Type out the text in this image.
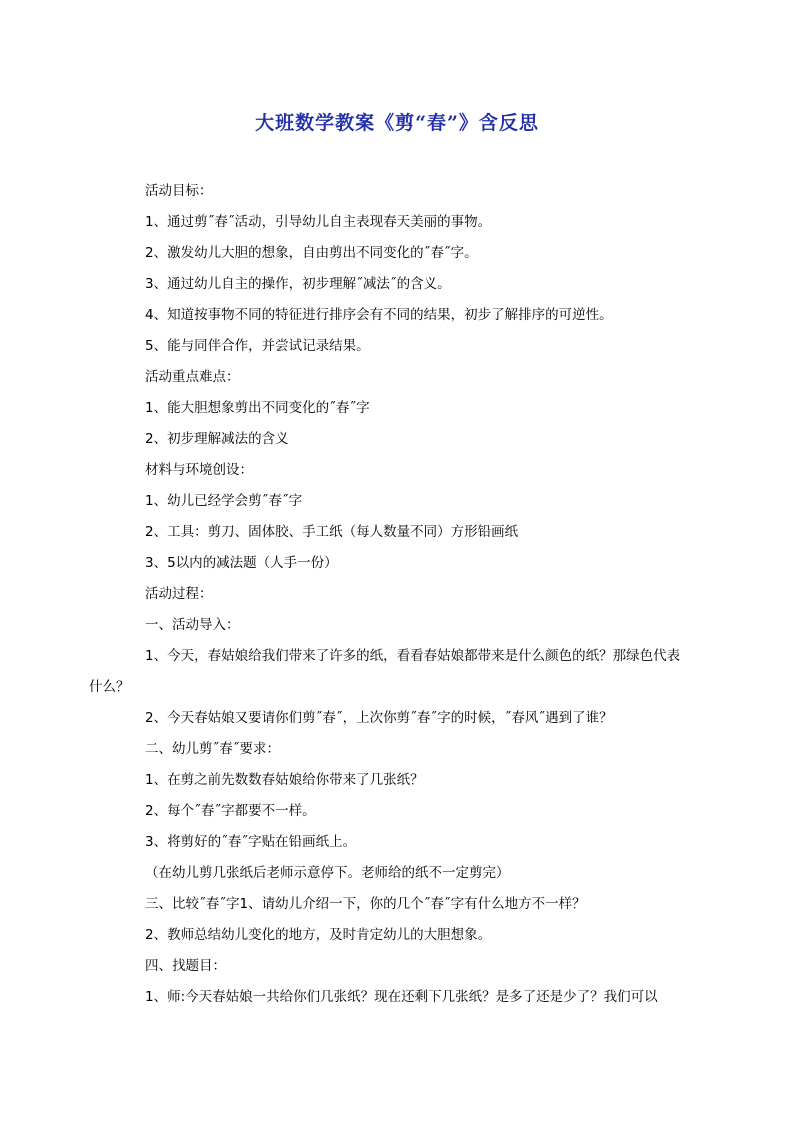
大班数学教案《剪“春”》含反思

活动目标：

1、通过剪˝春˝活动，引导幼儿自主表现春天美丽的事物。

2、激发幼儿大胆的想象，自由剪出不同变化的˝春˝字。

3、通过幼儿自主的操作，初步理解˝减法˝的含义。

4、知道按事物不同的特征进行排序会有不同的结果，初步了解排序的可逆性。

5、能与同伴合作，并尝试记录结果。

活动重点难点：

1、能大胆想象剪出不同变化的˝春˝字

2、初步理解减法的含义

材料与环境创设：

1、幼儿已经学会剪˝春˝字

2、工具：剪刀、固体胶、手工纸（每人数量不同）方形铅画纸

3、5以内的减法题（人手一份）

活动过程：

一、活动导入：

1、今天，春姑娘给我们带来了许多的纸，看看春姑娘都带来是什么颜色的纸？那绿色代表什么？

2、今天春姑娘又要请你们剪˝春˝，上次你剪˝春˝字的时候，˝春风˝遇到了谁？

二、幼儿剪˝春˝要求：

1、在剪之前先数数春姑娘给你带来了几张纸？

2、每个˝春˝字都要不一样。

3、将剪好的˝春˝字贴在铅画纸上。

（在幼儿剪几张纸后老师示意停下。老师给的纸不一定剪完）

三、比较˝春˝字1、请幼儿介绍一下，你的几个˝春˝字有什么地方不一样？

2、教师总结幼儿变化的地方，及时肯定幼儿的大胆想象。

四、找题目：

1、师:今天春姑娘一共给你们几张纸？现在还剩下几张纸？是多了还是少了？我们可以
